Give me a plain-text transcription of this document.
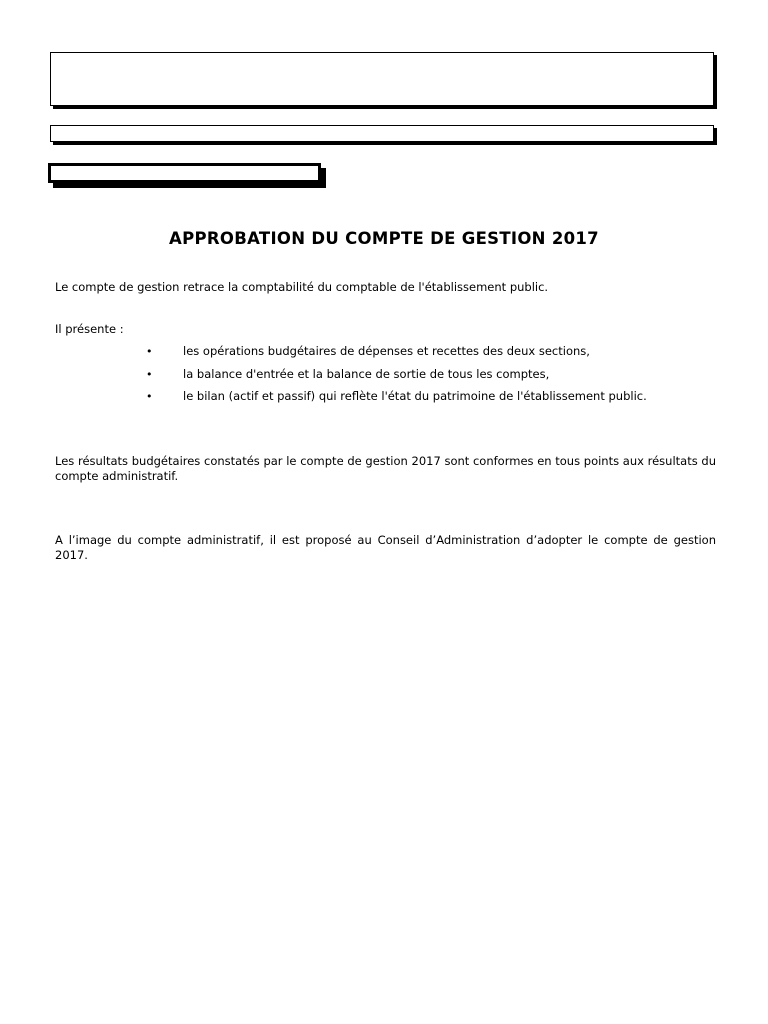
APPROBATION DU COMPTE DE GESTION 2017
Le compte de gestion retrace la comptabilité du comptable de l'établissement public.
Il présente :
•	les opérations budgétaires de dépenses et recettes des deux sections,
•	la balance d'entrée et la balance de sortie de tous les comptes,
•	le bilan (actif et passif) qui reflète l'état du patrimoine de l'établissement public.
Les résultats budgétaires constatés par le compte de gestion 2017 sont conformes en tous points aux résultats du compte administratif.
A l’image du compte administratif, il est proposé au Conseil d’Administration d’adopter le compte de gestion 2017.
